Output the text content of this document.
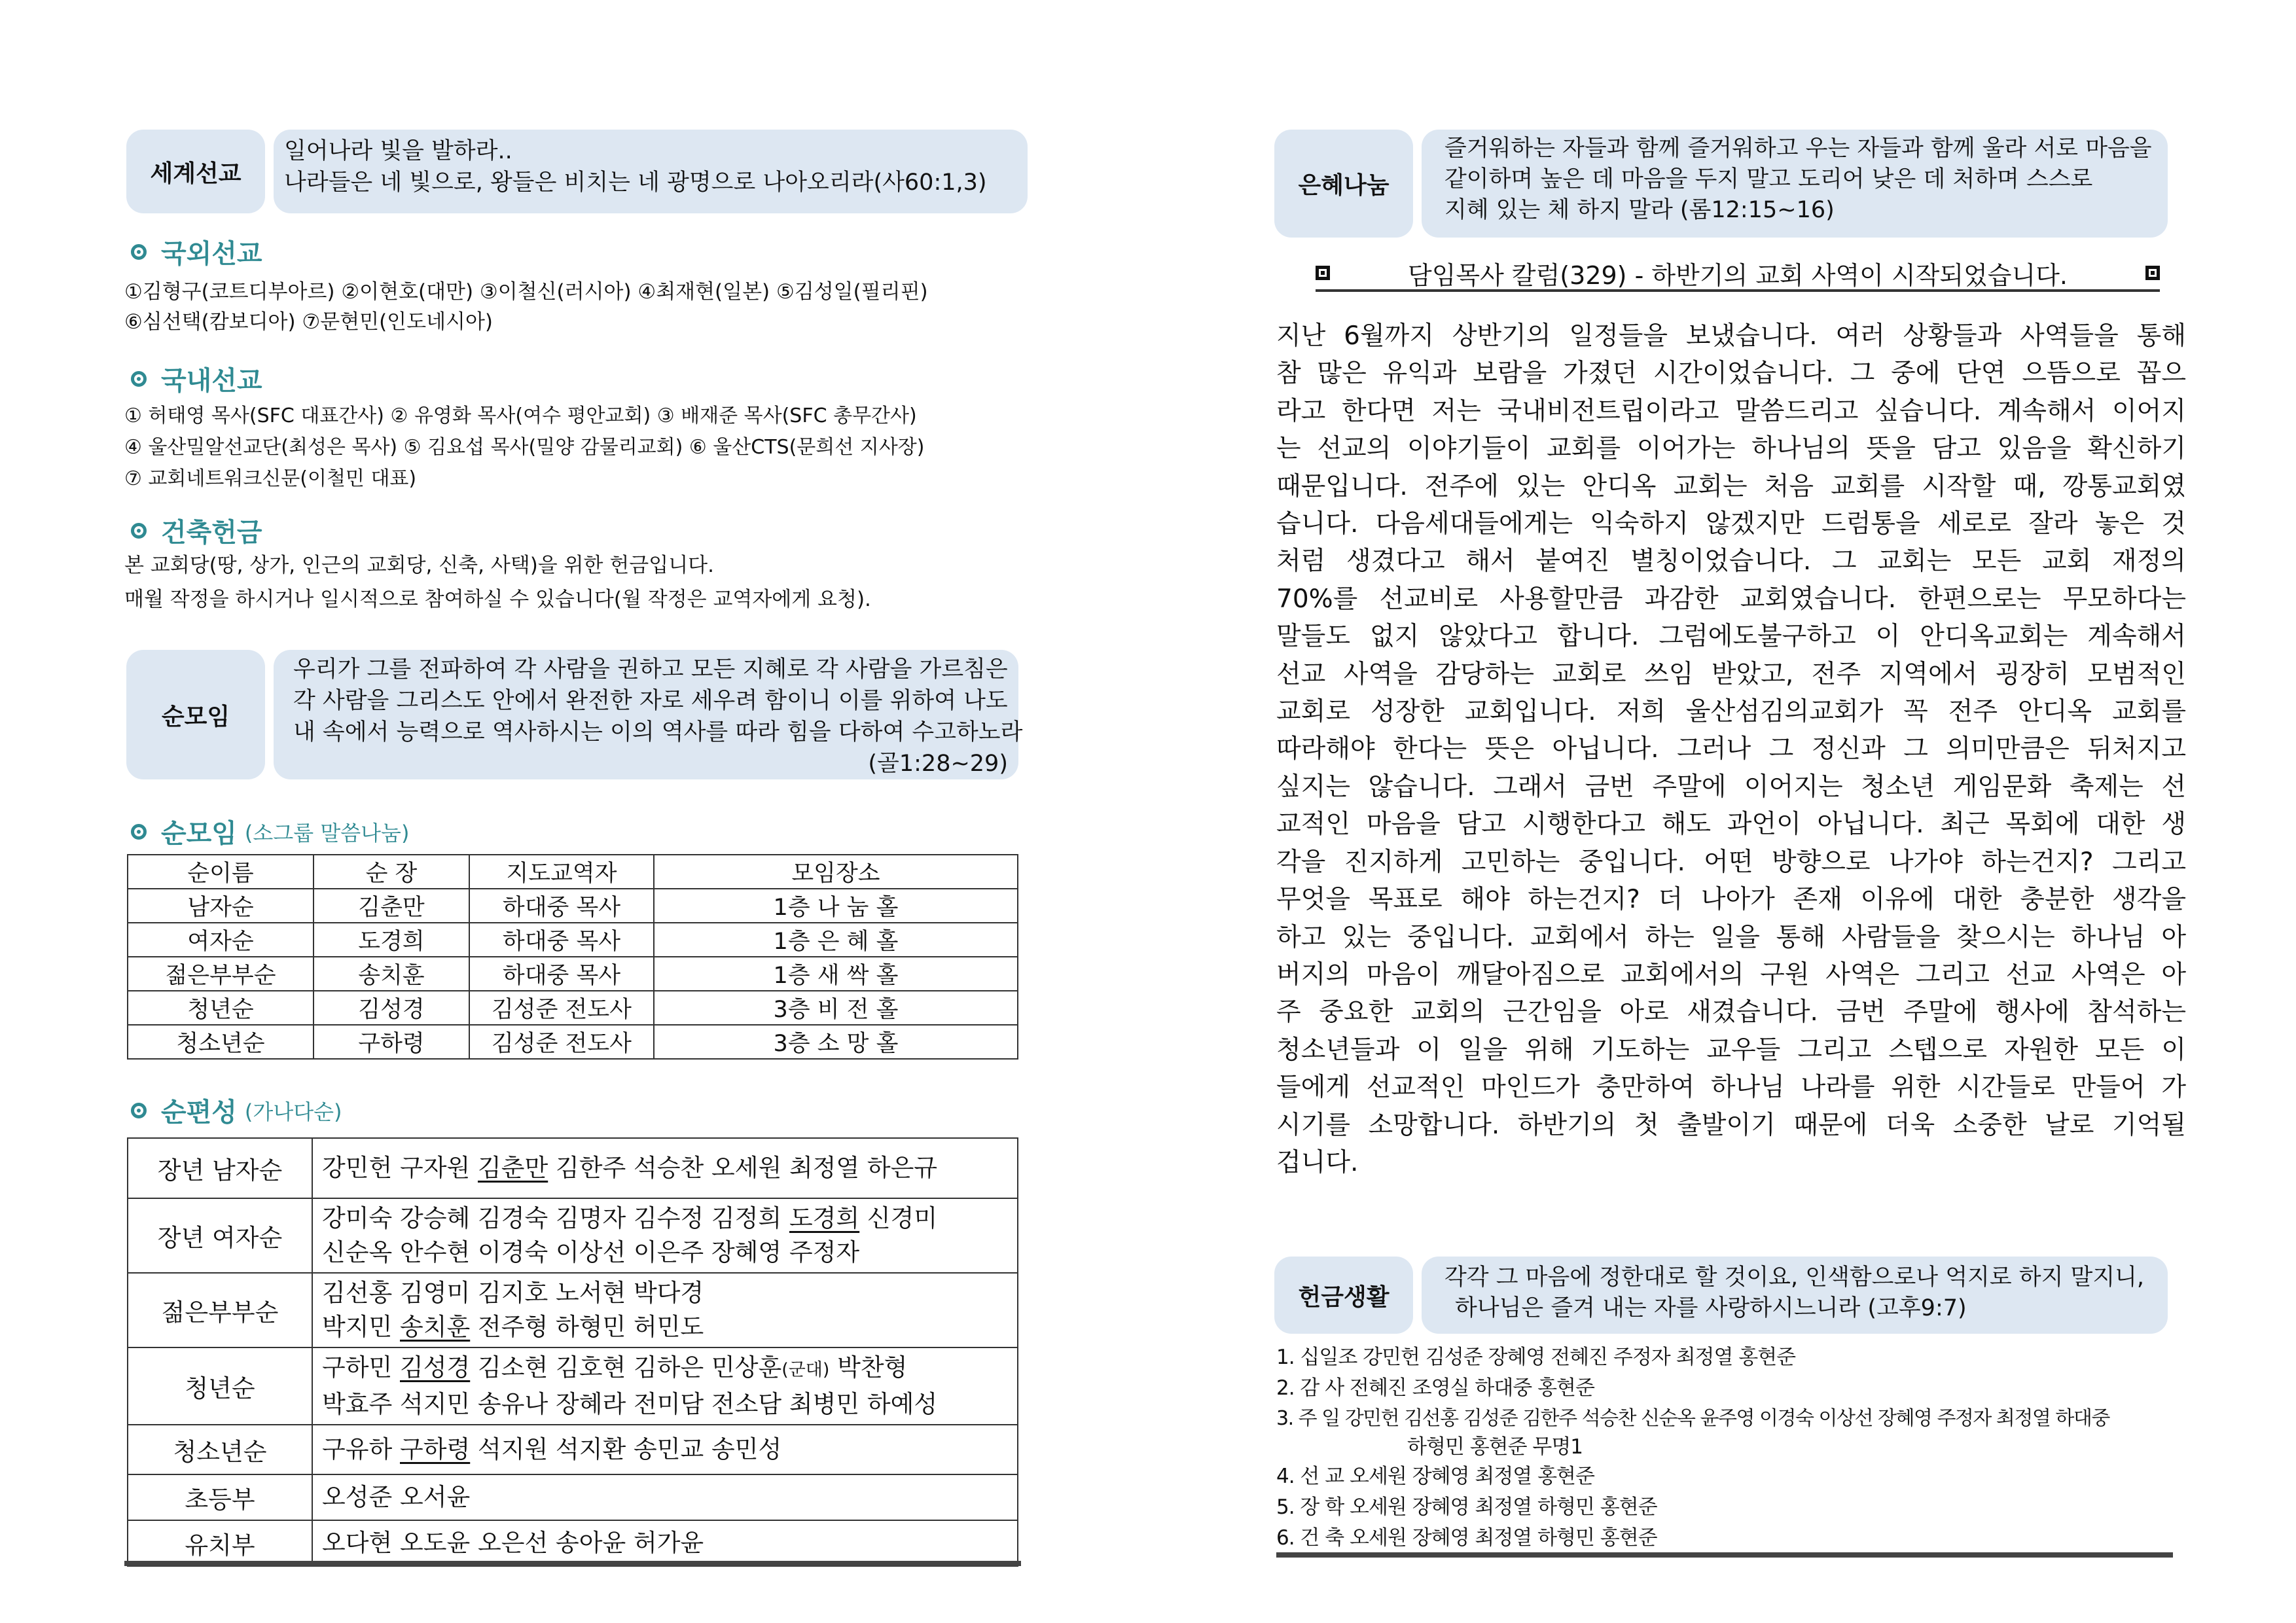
세계선교
일어나라 빛을 발하라..
나라들은 네 빛으로, 왕들은 비치는 네 광명으로 나아오리라(사60:1,3)
국외선교
①김형구(코트디부아르) ②이현호(대만) ③이철신(러시아) ④최재현(일본) ⑤김성일(필리핀)
⑥심선택(캄보디아) ⑦문현민(인도네시아)
국내선교
① 허태영 목사(SFC 대표간사) ② 유영화 목사(여수 평안교회) ③ 배재준 목사(SFC 총무간사)
④ 울산밀알선교단(최성은 목사) ⑤ 김요섭 목사(밀양 감물리교회) ⑥ 울산CTS(문희선 지사장)
⑦ 교회네트워크신문(이철민 대표)
건축헌금
본 교회당(땅, 상가, 인근의 교회당, 신축, 사택)을 위한 헌금입니다.
매월 작정을 하시거나 일시적으로 참여하실 수 있습니다(월 작정은 교역자에게 요청).
순모임
우리가 그를 전파하여 각 사람을 권하고 모든 지혜로 각 사람을 가르침은
각 사람을 그리스도 안에서 완전한 자로 세우려 함이니 이를 위하여 나도
내 속에서 능력으로 역사하시는 이의 역사를 따라 힘을 다하여 수고하노라
(골1:28~29)
순모임 (소그룹 말씀나눔)
순이름	순 장	지도교역자	모임장소
남자순	김춘만	하대중 목사	1층 나 눔 홀
여자순	도경희	하대중 목사	1층 은 혜 홀
젊은부부순	송치훈	하대중 목사	1층 새 싹 홀
청년순	김성경	김성준 전도사	3층 비 전 홀
청소년순	구하령	김성준 전도사	3층 소 망 홀
순편성 (가나다순)
장년 남자순	강민헌 구자원 김춘만 김한주 석승찬 오세원 최정열 하은규
장년 여자순	강미숙 강승혜 김경숙 김명자 김수정 김정희 도경희 신경미
신순옥 안수현 이경숙 이상선 이은주 장혜영 주정자

젊은부부순	김선홍 김영미 김지호 노서현 박다경
박지민 송치훈 전주형 하형민 허민도

청년순	구하민 김성경 김소현 김호현 김하은 민상훈(군대) 박찬형
박효주 석지민 송유나 장혜라 전미담 전소담 최병민 하예성

청소년순	구유하 구하령 석지원 석지환 송민교 송민성
초등부	오성준 오서윤
유치부	오다현 오도윤 오은선 송아윤 허가윤
은혜나눔
즐거워하는 자들과 함께 즐거워하고 우는 자들과 함께 울라 서로 마음을
같이하며 높은 데 마음을 두지 말고 도리어 낮은 데 처하며 스스로
지혜 있는 체 하지 말라 (롬12:15~16)
담임목사 칼럼(329) - 하반기의 교회 사역이 시작되었습니다.
지난 6월까지 상반기의 일정들을 보냈습니다. 여러 상황들과 사역들을 통해
참 많은 유익과 보람을 가졌던 시간이었습니다. 그 중에 단연 으뜸으로 꼽으
라고 한다면 저는 국내비전트립이라고 말씀드리고 싶습니다. 계속해서 이어지
는 선교의 이야기들이 교회를 이어가는 하나님의 뜻을 담고 있음을 확신하기
때문입니다. 전주에 있는 안디옥 교회는 처음 교회를 시작할 때, 깡통교회였
습니다. 다음세대들에게는 익숙하지 않겠지만 드럼통을 세로로 잘라 놓은 것
처럼 생겼다고 해서 붙여진 별칭이었습니다. 그 교회는 모든 교회 재정의
70%를 선교비로 사용할만큼 과감한 교회였습니다. 한편으로는 무모하다는
말들도 없지 않았다고 합니다. 그럼에도불구하고 이 안디옥교회는 계속해서
선교 사역을 감당하는 교회로 쓰임 받았고, 전주 지역에서 굉장히 모범적인
교회로 성장한 교회입니다. 저희 울산섬김의교회가 꼭 전주 안디옥 교회를
따라해야 한다는 뜻은 아닙니다. 그러나 그 정신과 그 의미만큼은 뒤처지고
싶지는 않습니다. 그래서 금번 주말에 이어지는 청소년 게임문화 축제는 선
교적인 마음을 담고 시행한다고 해도 과언이 아닙니다. 최근 목회에 대한 생
각을 진지하게 고민하는 중입니다. 어떤 방향으로 나가야 하는건지? 그리고
무엇을 목표로 해야 하는건지? 더 나아가 존재 이유에 대한 충분한 생각을
하고 있는 중입니다. 교회에서 하는 일을 통해 사람들을 찾으시는 하나님 아
버지의 마음이 깨달아짐으로 교회에서의 구원 사역은 그리고 선교 사역은 아
주 중요한 교회의 근간임을 아로 새겼습니다. 금번 주말에 행사에 참석하는
청소년들과 이 일을 위해 기도하는 교우들 그리고 스텝으로 자원한 모든 이
들에게 선교적인 마인드가 충만하여 하나님 나라를 위한 시간들로 만들어 가
시기를 소망합니다. 하반기의 첫 출발이기 때문에 더욱 소중한 날로 기억될
겁니다.
헌금생활
각각 그 마음에 정한대로 할 것이요, 인색함으로나 억지로 하지 말지니,
하나님은 즐겨 내는 자를 사랑하시느니라 (고후9:7)
1. 십일조 강민헌 김성준 장혜영 전혜진 주정자 최정열 홍현준
2. 감 사 전혜진 조영실 하대중 홍현준
3. 주 일 강민헌 김선홍 김성준 김한주 석승찬 신순옥 윤주영 이경숙 이상선 장혜영 주정자 최정열 하대중
하형민 홍현준 무명1
4. 선 교 오세원 장혜영 최정열 홍현준
5. 장 학 오세원 장혜영 최정열 하형민 홍현준
6. 건 축 오세원 장혜영 최정열 하형민 홍현준
